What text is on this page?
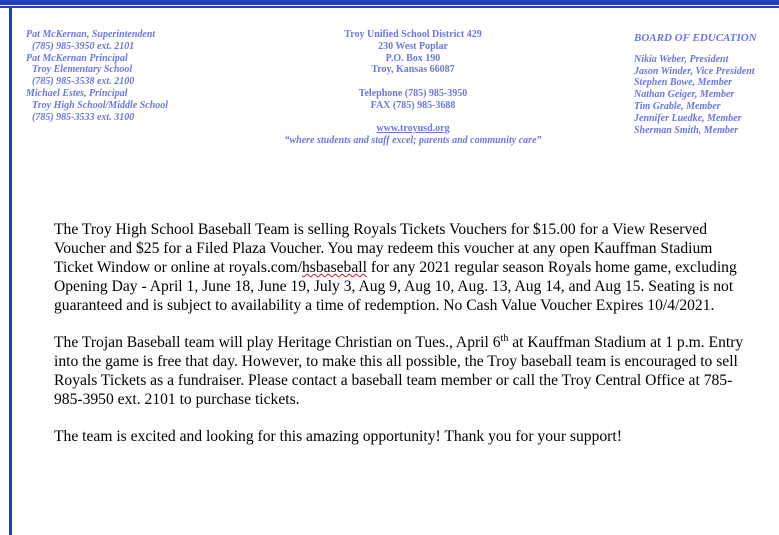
Pat McKernan, Superintendent
(785) 985-3950 ext. 2101
Pat McKernan Principal
Troy Elementary School
(785) 985-3538 ext. 2100
Michael Estes, Principal
Troy High School/Middle School
(785) 985-3533 ext. 3100
Troy Unified School District 429
230 West Poplar
P.O. Box 190
Troy, Kansas 66087
Telephone (785) 985-3950
FAX (785) 985-3688
www.troyusd.org
“where students and staff excel; parents and community care”
BOARD OF EDUCATION
Nikia Weber, President
Jason Winder, Vice President
Stephen Bowe, Member
Nathan Geiger, Member
Tim Grable, Member
Jennifer Luedke, Member
Sherman Smith, Member

The Troy High School Baseball Team is selling Royals Tickets Vouchers for $15.00 for a View Reserved Voucher and $25 for a Filed Plaza Voucher. You may redeem this voucher at any open Kauffman Stadium Ticket Window or online at royals.com/hsbaseball for any 2021 regular season Royals home game, excluding Opening Day - April 1, June 18, June 19, July 3, Aug 9, Aug 10, Aug. 13, Aug 14, and Aug 15. Seating is not guaranteed and is subject to availability a time of redemption. No Cash Value Voucher Expires 10/4/2021.

The Trojan Baseball team will play Heritage Christian on Tues., April 6th at Kauffman Stadium at 1 p.m. Entry into the game is free that day. However, to make this all possible, the Troy baseball team is encouraged to sell Royals Tickets as a fundraiser. Please contact a baseball team member or call the Troy Central Office at 785-985-3950 ext. 2101 to purchase tickets.

The team is excited and looking for this amazing opportunity! Thank you for your support!
